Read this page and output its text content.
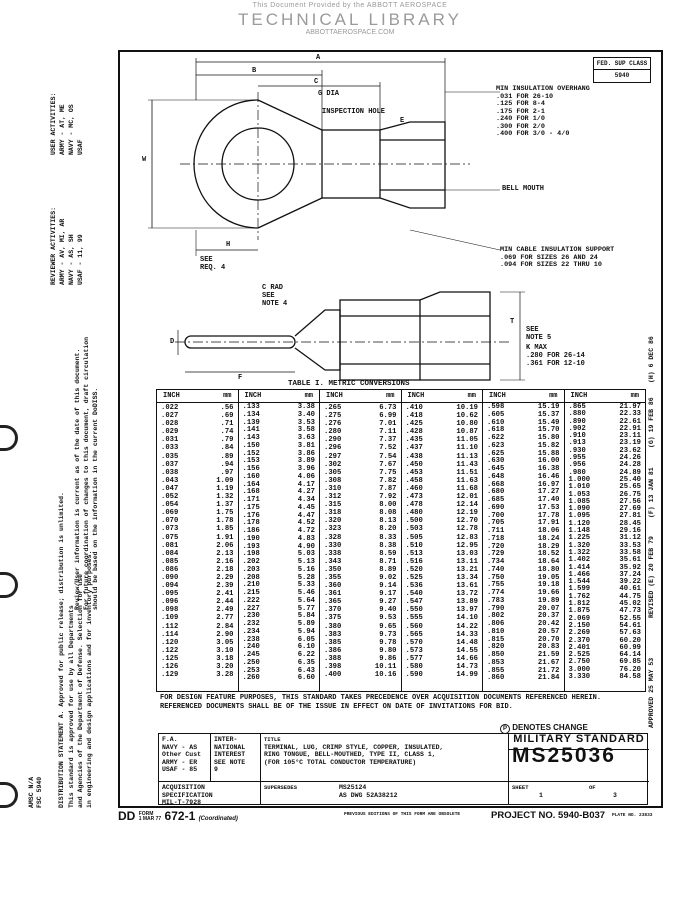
This Document Provided by the ABBOTT AEROSPACE
TECHNICAL LIBRARY
ABBOTTAEROSPACE.COM
USER ACTIVITIES: ARMY - AT, ME NAVY - MC, OS USAF
REVIEWER ACTIVITIES: ARMY - AV, MI, AR NAVY - AS, SH USAF - 11, 99
Review/User information is current as of the date of this document. For future coordination of changes to this document, draft circulation should be based on the information in the current DoDISS.
DISTRIBUTION STATEMENT A. Approved for public release; distribution is unlimited. This standard is approved for use by all Departments and Agencies of the Department of Defense. Selection for use in engineering and design applications and for inventory purposes.
AMSC N/A FSC 5940
FED. SUP CLASS
5940
A
B
C
G DIA
INSPECTION HOLE
E
W
H
SEE
REQ. 4
BELL MOUTH
MIN INSULATION OVERHANG
.031 FOR 26-10
.125 FOR 8-4
.175 FOR 2-1
.240 FOR 1/0
.300 FOR 2/0
.400 FOR 3/0 - 4/0
MIN CABLE INSULATION SUPPORT
.069 FOR SIZES 26 AND 24
.094 FOR SIZES 22 THRU 10
C RAD
SEE
NOTE 4
D
F
T
SEE
NOTE 5
K MAX
.280 FOR 26-14
.361 FOR 12-10
APPROVED 25 MAY 53
REVISED (E) 20 FEB 79
(F) 13 JAN 81
(G) 19 FEB 86
(H) 6 DEC 86
TABLE I. METRIC CONVERSIONS
INCH	mm
.022	.56
.027	.69
.028	.71
.029	.74
.031	.79
.033	.84
.035	.89
.037	.94
.038	.97
.043	1.09
.047	1.19
.052	1.32
.054	1.37
.069	1.75
.070	1.78
.073	1.85
.075	1.91
.081	2.06
.084	2.13
.085	2.16
.086	2.18
.090	2.29
.094	2.39
.095	2.41
.096	2.44
.098	2.49
.109	2.77
.112	2.84
.114	2.90
.120	3.05
.122	3.10
.125	3.18
.126	3.20
.129	3.28
INCH	mm
.133	3.38
.134	3.40
.139	3.53
.141	3.58
.143	3.63
.150	3.81
.152	3.86
.153	3.89
.156	3.96
.160	4.06
.164	4.17
.168	4.27
.171	4.34
.175	4.45
.176	4.47
.178	4.52
.186	4.72
.190	4.83
.193	4.90
.198	5.03
.202	5.13
.203	5.16
.208	5.28
.210	5.33
.215	5.46
.222	5.64
.227	5.77
.230	5.84
.232	5.89
.234	5.94
.238	6.05
.240	6.10
.245	6.22
.250	6.35
.253	6.43
.260	6.60
INCH	mm
.265	6.73
.275	6.99
.276	7.01
.280	7.11
.290	7.37
.296	7.52
.297	7.54
.302	7.67
.305	7.75
.308	7.82
.310	7.87
.312	7.92
.315	8.00
.318	8.08
.320	8.13
.323	8.20
.328	8.33
.330	8.38
.338	8.59
.343	8.71
.350	8.89
.355	9.02
.360	9.14
.361	9.17
.365	9.27
.370	9.40
.375	9.53
.380	9.65
.383	9.73
.385	9.78
.386	9.80
.388	9.86
.398	10.11
.400	10.16
INCH	mm
.410	10.19
.418	10.62
.425	10.80
.428	10.87
.435	11.05
.437	11.10
.438	11.13
.450	11.43
.453	11.51
.458	11.63
.460	11.68
.473	12.01
.478	12.14
.480	12.19
.500	12.70
.503	12.78
.505	12.83
.510	12.95
.513	13.03
.516	13.11
.520	13.21
.525	13.34
.536	13.61
.540	13.72
.547	13.89
.550	13.97
.555	14.10
.560	14.22
.565	14.33
.570	14.48
.573	14.55
.577	14.66
.580	14.73
.590	14.99
INCH	mm
.598	15.19
.605	15.37
.610	15.49
.618	15.70
.622	15.80
.623	15.82
.625	15.88
.630	16.00
.645	16.38
.648	16.46
.668	16.97
.680	17.27
.685	17.40
.690	17.53
.700	17.78
.705	17.91
.711	18.06
.718	18.24
.720	18.29
.729	18.52
.734	18.64
.740	18.80
.750	19.05
.755	19.18
.774	19.66
.783	19.89
.790	20.07
.802	20.37
.806	20.42
.810	20.57
.815	20.70
.820	20.83
.850	21.59
.853	21.67
.855	21.72
.860	21.84
INCH	mm
.865	21.97
.880	22.33
.890	22.61
.902	22.91
.910	23.11
.913	23.19
.930	23.62
.955	24.26
.956	24.28
.980	24.89
1.000	25.40
1.010	25.65
1.053	26.75
1.085	27.56
1.090	27.69
1.095	27.81
1.120	28.45
1.148	29.16
1.225	31.12
1.320	33.53
1.322	33.58
1.402	35.61
1.414	35.92
1.466	37.24
1.544	39.22
1.599	40.61
1.762	44.75
1.812	45.02
1.875	47.73
2.069	52.55
2.150	54.61
2.269	57.63
2.370	60.20
2.401	60.99
2.525	64.14
2.750	69.85
3.000	76.20
3.330	84.58
FOR DESIGN FEATURE PURPOSES, THIS STANDARD TAKES PRECEDENCE OVER ACQUISITION DOCUMENTS REFERENCED HEREIN.
REFERENCED DOCUMENTS SHALL BE OF THE ISSUE IN EFFECT ON DATE OF INVITATIONS FOR BID.
P DENOTES CHANGE
F.A.
NAVY - AS
Other Cust
ARMY - ER
USAF - 85
INTER-
NATIONAL
INTEREST
SEE NOTE
9
TITLE
TERMINAL, LUG, CRIMP STYLE, COPPER, INSULATED,
RING TONGUE, BELL-MOUTHED, TYPE II, CLASS 1,
(FOR 105°C TOTAL CONDUCTOR TEMPERATURE)
MILITARY STANDARD
MS25036
ACQUISITION SPECIFICATION
MIL-T-7928
SUPERSEDES	MS25124
AS DWG 52A38212
SHEET	OF
1	3
DD FORM
1 MAR 77 672-1 (Coordinated)
PREVIOUS EDITIONS OF THIS FORM ARE OBSOLETE	PROJECT NO. 5940-B037 PLATE NO. 23833
